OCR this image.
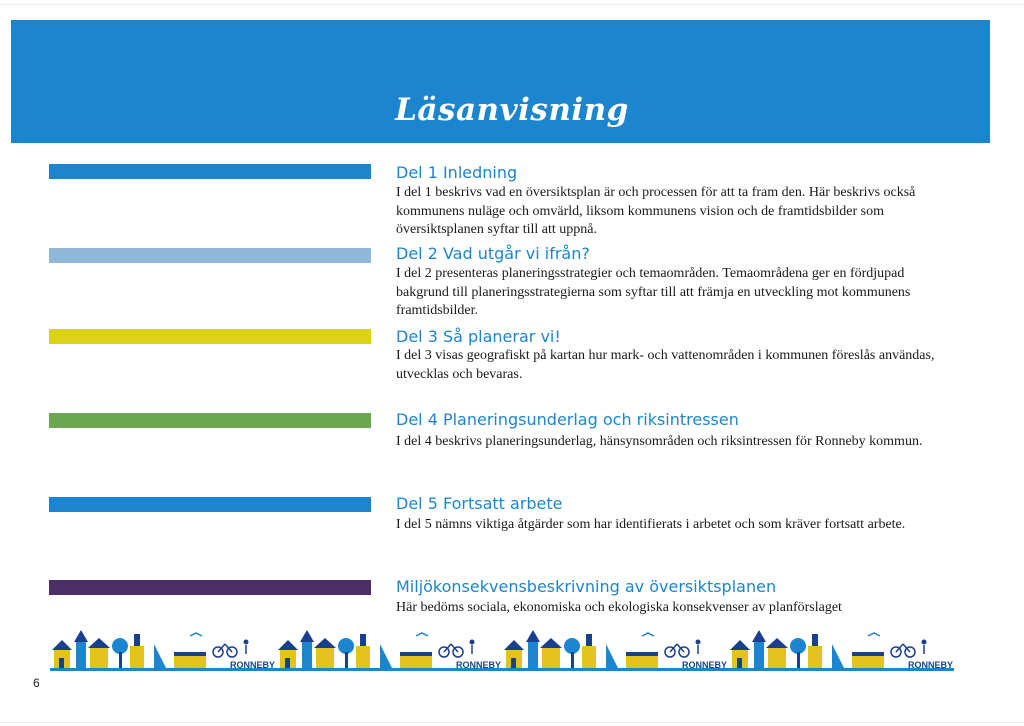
Läsanvisning
Del 1 Inledning
I del 1 beskrivs vad en översiktsplan är och processen för att ta fram den. Här beskrivs också kommunens nuläge och omvärld, liksom kommunens vision och de framtidsbilder som översiktsplanen syftar till att uppnå.
Del 2 Vad utgår vi ifrån?
I del 2 presenteras planeringsstrategier och temaområden. Temaområdena ger en fördjupad bakgrund till planeringsstrategierna som syftar till att främja en utveckling mot kommunens framtidsbilder.
Del 3 Så planerar vi!
I del 3 visas geografiskt på kartan hur mark- och vattenområden i kommunen föreslås användas, utvecklas och bevaras.
Del 4 Planeringsunderlag och riksintressen
I del 4 beskrivs planeringsunderlag, hänsynsområden och riksintressen för Ronneby kommun.
Del 5 Fortsatt arbete
I del 5 nämns viktiga åtgärder som har identifierats i arbetet och som kräver fortsatt arbete.
Miljökonsekvensbeskrivning av översiktsplanen
Här bedöms sociala, ekonomiska och ekologiska konsekvenser av planförslaget
RONNEBY	RONNEBY	RONNEBY	RONNEBY
6
